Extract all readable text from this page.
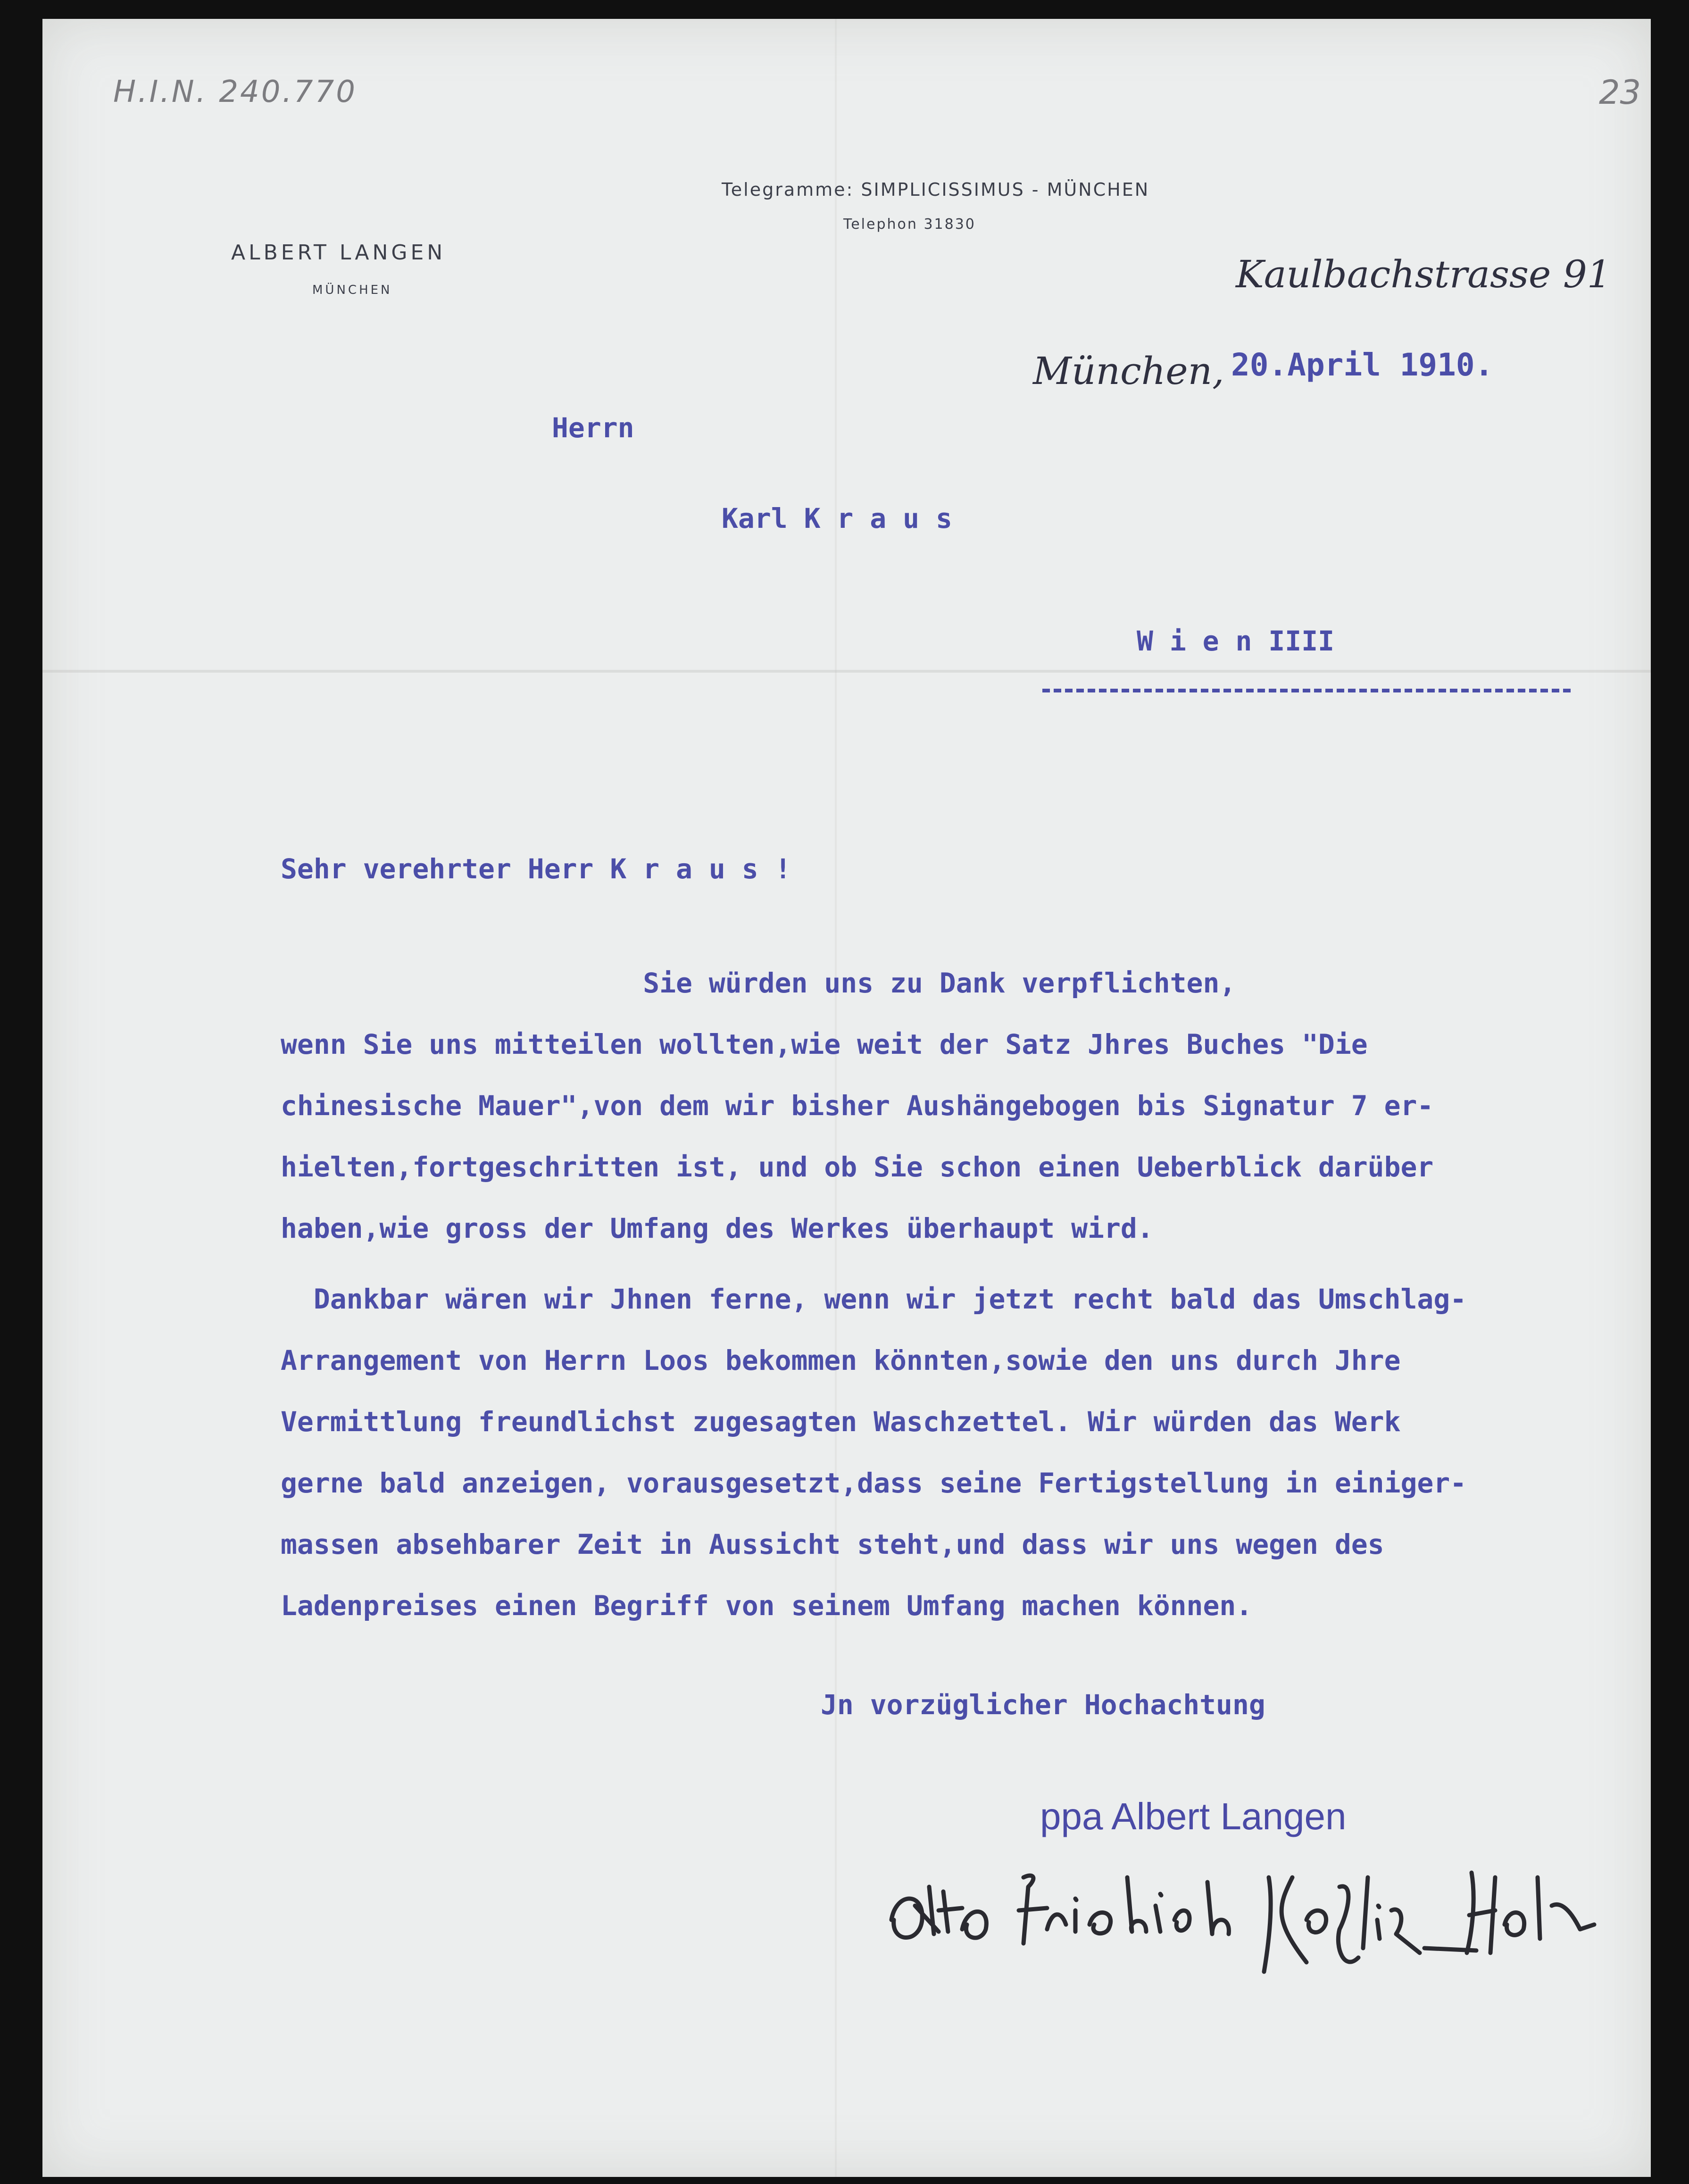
H.I.N. 240.770	23
Telegramme: SIMPLICISSIMUS - MÜNCHEN
Telephon 31830
ALBERT LANGEN
MÜNCHEN	Kaulbachstrasse 91
München, 20.April 1910.
Herrn
Karl K r a u s
W i e n IIII
Sehr verehrter Herr K r a u s !
Sie würden uns zu Dank verpflichten,
wenn Sie uns mitteilen wollten,wie weit der Satz Jhres Buches "Die
chinesische Mauer",von dem wir bisher Aushängebogen bis Signatur 7 er-
hielten,fortgeschritten ist, und ob Sie schon einen Ueberblick darüber
haben,wie gross der Umfang des Werkes überhaupt wird.
Dankbar wären wir Jhnen ferne, wenn wir jetzt recht bald das Umschlag-
Arrangement von Herrn Loos bekommen könnten,sowie den uns durch Jhre
Vermittlung freundlichst zugesagten Waschzettel. Wir würden das Werk
gerne bald anzeigen, vorausgesetzt,dass seine Fertigstellung in einiger-
massen absehbarer Zeit in Aussicht steht,und dass wir uns wegen des
Ladenpreises einen Begriff von seinem Umfang machen können.
Jn vorzüglicher Hochachtung
ppa Albert Langen
